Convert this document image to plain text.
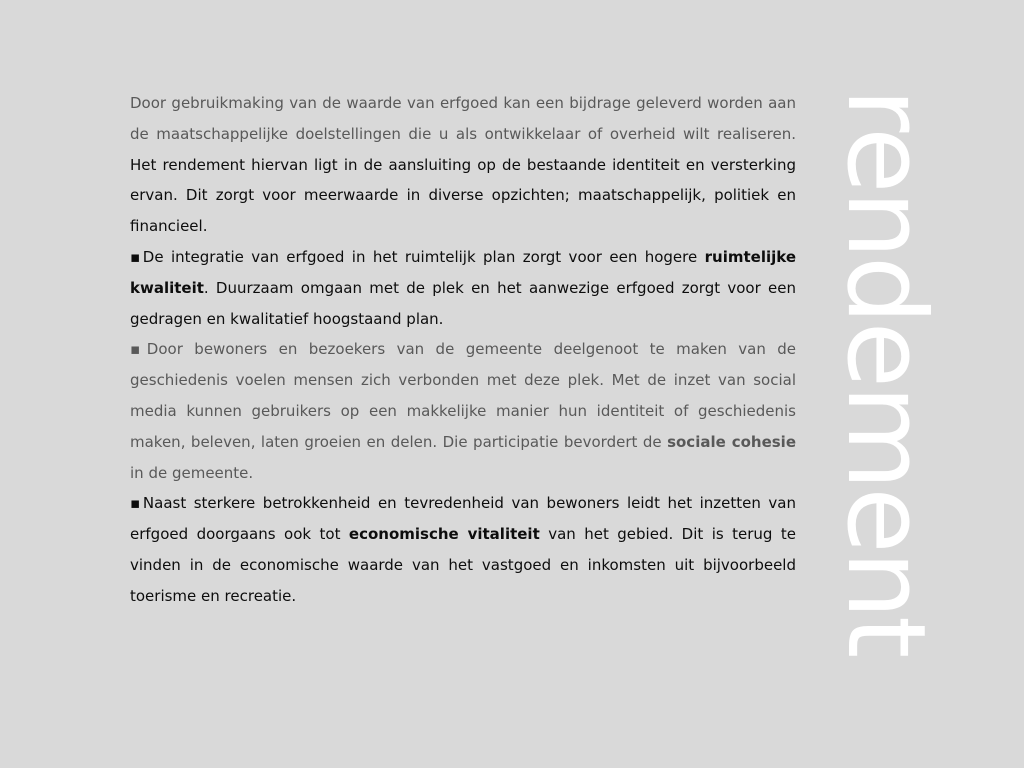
Door gebruikmaking van de waarde van erfgoed kan een bijdrage geleverd worden aan de maatschappelijke doelstellingen die u als ontwikkelaar of overheid wilt realiseren. Het rendement hiervan ligt in de aansluiting op de bestaande identiteit en versterking ervan. Dit zorgt voor meerwaarde in diverse opzichten; maatschappelijk, politiek en financieel.

▪De integratie van erfgoed in het ruimtelijk plan zorgt voor een hogere ruimtelijke kwaliteit. Duurzaam omgaan met de plek en het aanwezige erfgoed zorgt voor een gedragen en kwalitatief hoogstaand plan.

▪Door bewoners en bezoekers van de gemeente deelgenoot te maken van de geschiedenis voelen mensen zich verbonden met deze plek. Met de inzet van social media kunnen gebruikers op een makkelijke manier hun identiteit of geschiedenis maken, beleven, laten groeien en delen. Die participatie bevordert de sociale cohesie in de gemeente.

▪Naast sterkere betrokkenheid en tevredenheid van bewoners leidt het inzetten van erfgoed doorgaans ook tot economische vitaliteit van het gebied. Dit is terug te vinden in de economische waarde van het vastgoed en inkomsten uit bijvoorbeeld toerisme en recreatie.	rendement
